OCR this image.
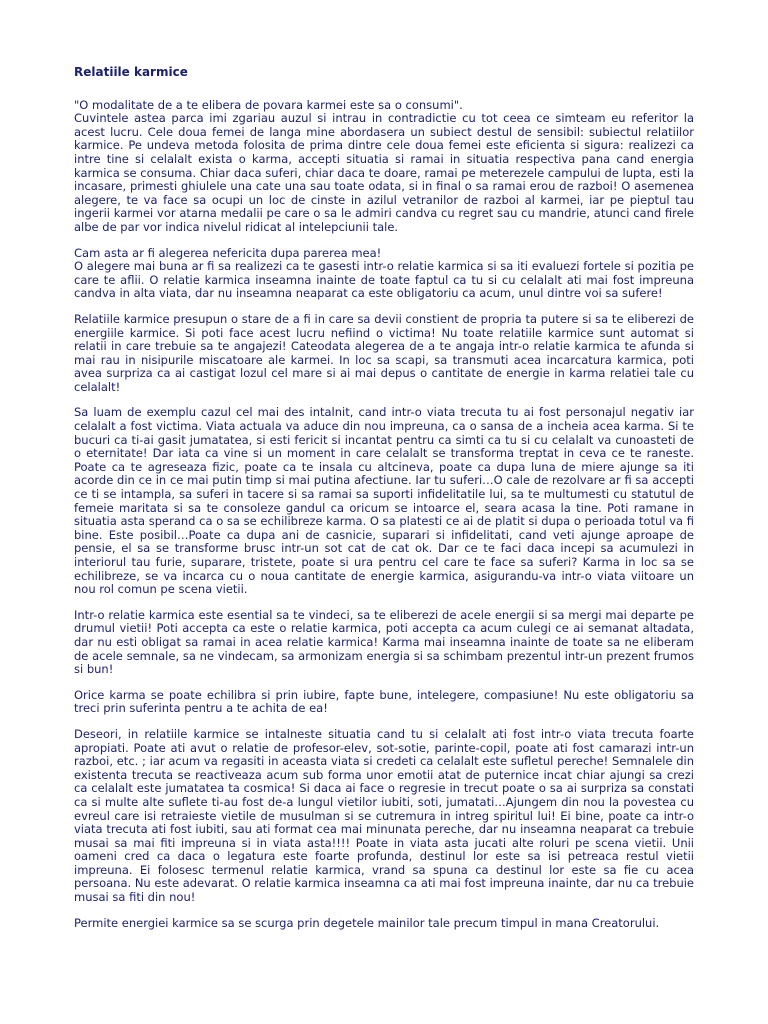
Relatiile karmice

"O modalitate de a te elibera de povara karmei este sa o consumi".
Cuvintele astea parca imi zgariau auzul si intrau in contradictie cu tot ceea ce simteam eu referitor la acest lucru. Cele doua femei de langa mine abordasera un subiect destul de sensibil: subiectul relatiilor karmice. Pe undeva metoda folosita de prima dintre cele doua femei este eficienta si sigura: realizezi ca intre tine si celalalt exista o karma, accepti situatia si ramai in situatia respectiva pana cand energia karmica se consuma. Chiar daca suferi, chiar daca te doare, ramai pe meterezele campului de lupta, esti la incasare, primesti ghiulele una cate una sau toate odata, si in final o sa ramai erou de razboi! O asemenea alegere, te va face sa ocupi un loc de cinste in azilul vetranilor de razboi al karmei, iar pe pieptul tau ingerii karmei vor atarna medalii pe care o sa le admiri candva cu regret sau cu mandrie, atunci cand firele albe de par vor indica nivelul ridicat al intelepciunii tale.

Cam asta ar fi alegerea nefericita dupa parerea mea!
O alegere mai buna ar fi sa realizezi ca te gasesti intr-o relatie karmica si sa iti evaluezi fortele si pozitia pe care te aflii. O relatie karmica inseamna inainte de toate faptul ca tu si cu celalalt ati mai fost impreuna candva in alta viata, dar nu inseamna neaparat ca este obligatoriu ca acum, unul dintre voi sa sufere!

Relatiile karmice presupun o stare de a fi in care sa devii constient de propria ta putere si sa te eliberezi de energiile karmice. Si poti face acest lucru nefiind o victima! Nu toate relatiile karmice sunt automat si relatii in care trebuie sa te angajezi! Cateodata alegerea de a te angaja intr-o relatie karmica te afunda si mai rau in nisipurile miscatoare ale karmei. In loc sa scapi, sa transmuti acea incarcatura karmica, poti avea surpriza ca ai castigat lozul cel mare si ai mai depus o cantitate de energie in karma relatiei tale cu celalalt!

Sa luam de exemplu cazul cel mai des intalnit, cand intr-o viata trecuta tu ai fost personajul negativ iar celalalt a fost victima. Viata actuala va aduce din nou impreuna, ca o sansa de a incheia acea karma. Si te bucuri ca ti-ai gasit jumatatea, si esti fericit si incantat pentru ca simti ca tu si cu celalalt va cunoasteti de o eternitate! Dar iata ca vine si un moment in care celalalt se transforma treptat in ceva ce te raneste. Poate ca te agreseaza fizic, poate ca te insala cu altcineva, poate ca dupa luna de miere ajunge sa iti acorde din ce in ce mai putin timp si mai putina afectiune. Iar tu suferi…O cale de rezolvare ar fi sa accepti ce ti se intampla, sa suferi in tacere si sa ramai sa suporti infidelitatile lui, sa te multumesti cu statutul de femeie maritata si sa te consoleze gandul ca oricum se intoarce el, seara acasa la tine. Poti ramane in situatia asta sperand ca o sa se echilibreze karma. O sa platesti ce ai de platit si dupa o perioada totul va fi bine. Este posibil…Poate ca dupa ani de casnicie, suparari si infidelitati, cand veti ajunge aproape de pensie, el sa se transforme brusc intr-un sot cat de cat ok. Dar ce te faci daca incepi sa acumulezi in interiorul tau furie, suparare, tristete, poate si ura pentru cel care te face sa suferi? Karma in loc sa se echilibreze, se va incarca cu o noua cantitate de energie karmica, asigurandu-va intr-o viata viitoare un nou rol comun pe scena vietii.

Intr-o relatie karmica este esential sa te vindeci, sa te eliberezi de acele energii si sa mergi mai departe pe drumul vietii! Poti accepta ca este o relatie karmica, poti accepta ca acum culegi ce ai semanat altadata, dar nu esti obligat sa ramai in acea relatie karmica! Karma mai inseamna inainte de toate sa ne eliberam de acele semnale, sa ne vindecam, sa armonizam energia si sa schimbam prezentul intr-un prezent frumos si bun!

Orice karma se poate echilibra si prin iubire, fapte bune, intelegere, compasiune! Nu este obligatoriu sa treci prin suferinta pentru a te achita de ea!

Deseori, in relatiile karmice se intalneste situatia cand tu si celalalt ati fost intr-o viata trecuta foarte apropiati. Poate ati avut o relatie de profesor-elev, sot-sotie, parinte-copil, poate ati fost camarazi intr-un razboi, etc. ; iar acum va regasiti in aceasta viata si credeti ca celalalt este sufletul pereche! Semnalele din existenta trecuta se reactiveaza acum sub forma unor emotii atat de puternice incat chiar ajungi sa crezi ca celalalt este jumatatea ta cosmica! Si daca ai face o regresie in trecut poate o sa ai surpriza sa constati ca si multe alte suflete ti-au fost de-a lungul vietilor iubiti, soti, jumatati…Ajungem din nou la povestea cu evreul care isi retraieste vietile de musulman si se cutremura in intreg spiritul lui! Ei bine, poate ca intr-o viata trecuta ati fost iubiti, sau ati format cea mai minunata pereche, dar nu inseamna neaparat ca trebuie musai sa mai fiti impreuna si in viata asta!!!! Poate in viata asta jucati alte roluri pe scena vietii. Unii oameni cred ca daca o legatura este foarte profunda, destinul lor este sa isi petreaca restul vietii impreuna. Ei folosesc termenul relatie karmica, vrand sa spuna ca destinul lor este sa fie cu acea persoana. Nu este adevarat. O relatie karmica inseamna ca ati mai fost impreuna inainte, dar nu ca trebuie musai sa fiti din nou!

Permite energiei karmice sa se scurga prin degetele mainilor tale precum timpul in mana Creatorului.
